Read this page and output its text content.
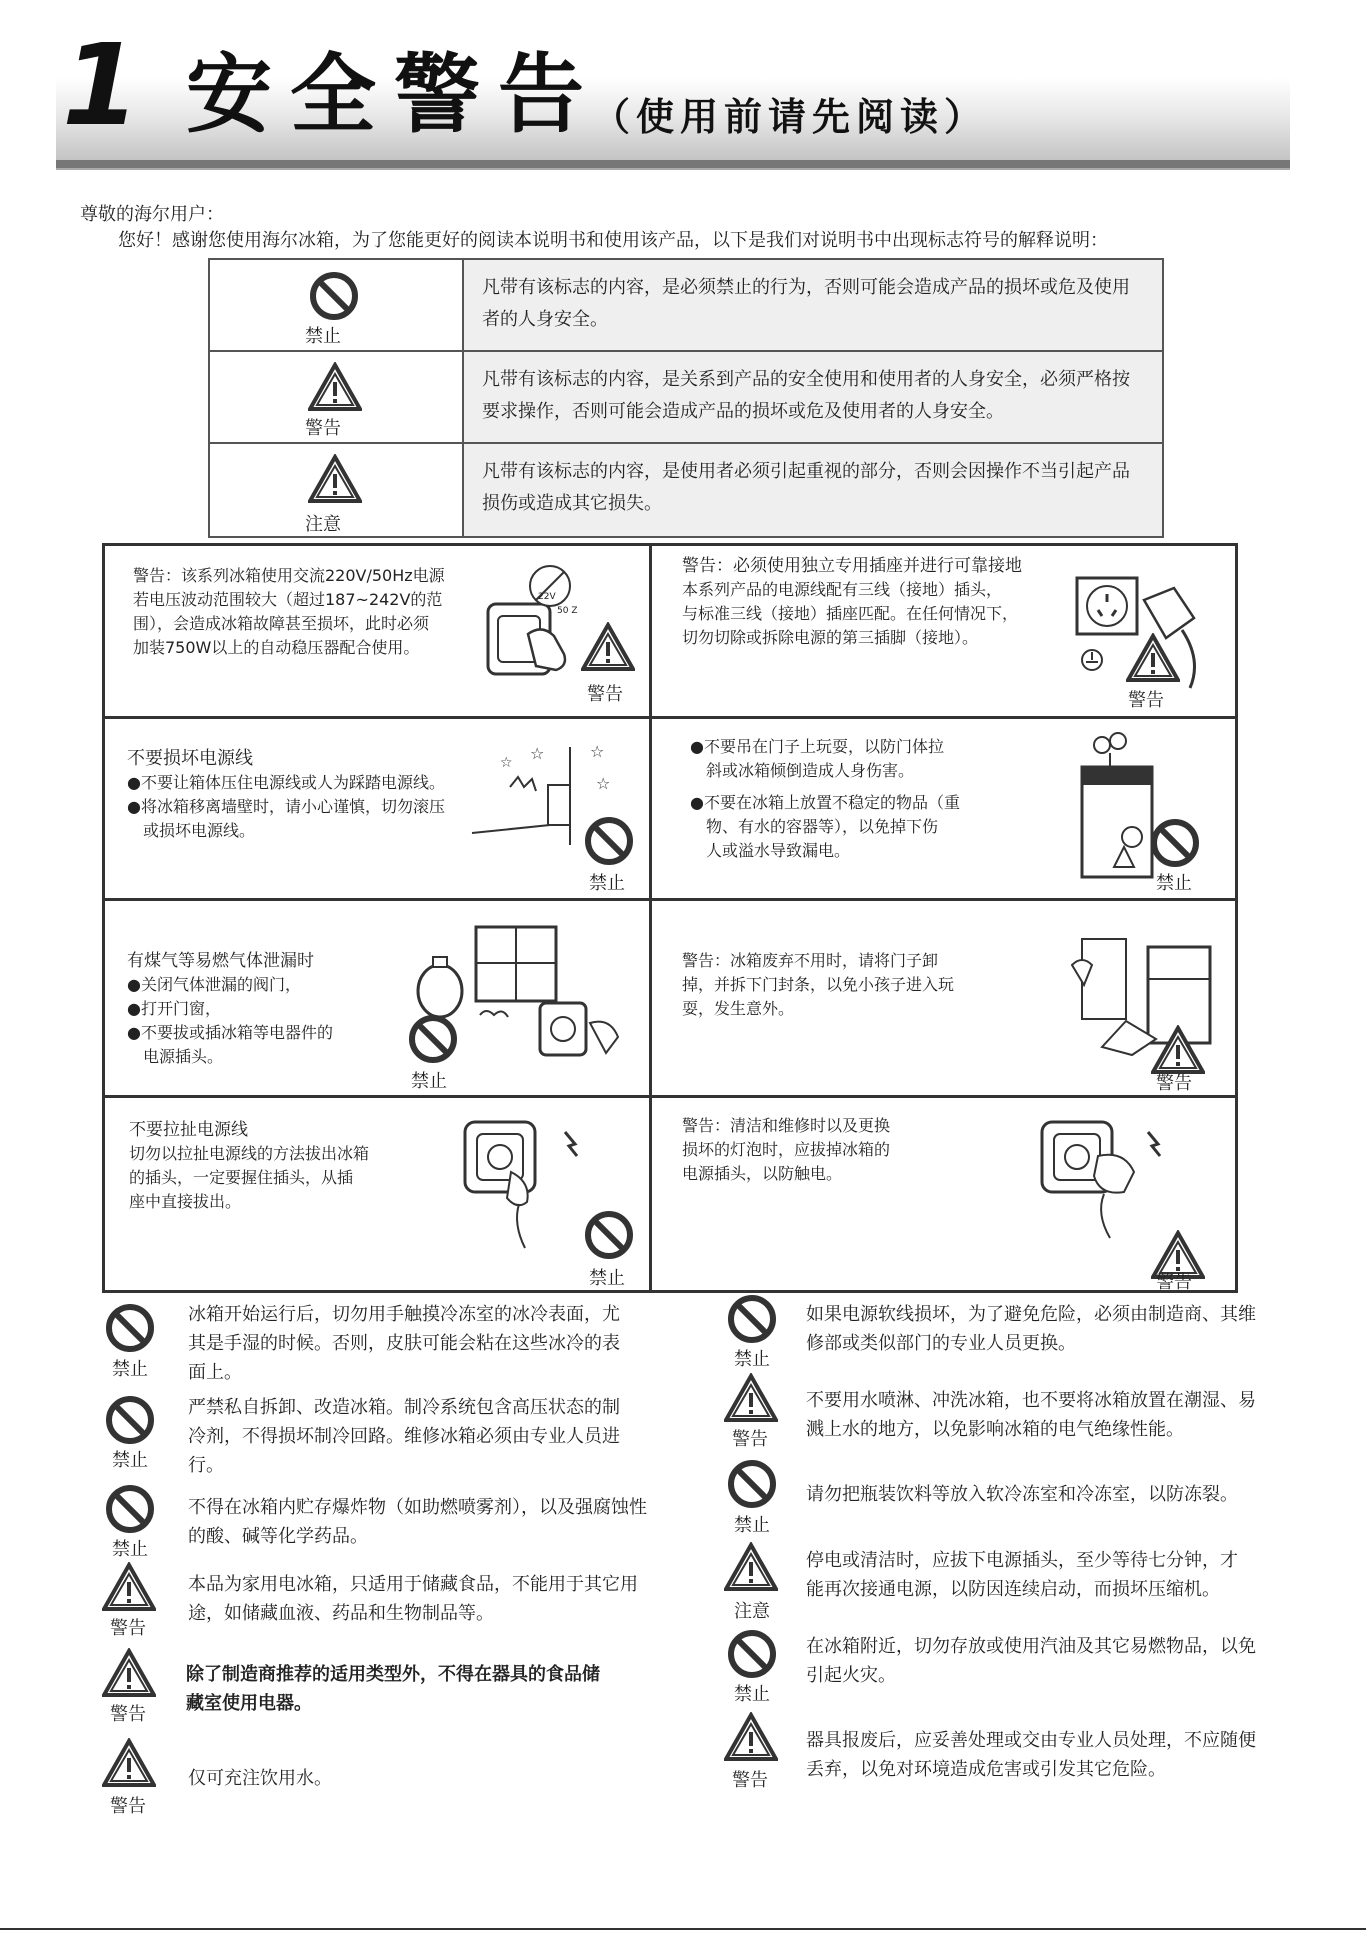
1 安全警告
（使用前请先阅读）
尊敬的海尔用户：
您好！感谢您使用海尔冰箱，为了您能更好的阅读本说明书和使用该产品，以下是我们对说明书中出现标志符号的解释说明：
禁止
凡带有该标志的内容，是必须禁止的行为，否则可能会造成产品的损坏或危及使用者的人身安全。
警告
凡带有该标志的内容，是关系到产品的安全使用和使用者的人身安全，必须严格按要求操作，否则可能会造成产品的损坏或危及使用者的人身安全。
注意
凡带有该标志的内容，是使用者必须引起重视的部分，否则会因操作不当引起产品损伤或造成其它损失。
警告：该系列冰箱使用交流220V/50Hz电源
若电压波动范围较大（超过187~242V的范
围），会造成冰箱故障甚至损坏，此时必须
加装750W以上的自动稳压器配合使用。
22V
50 Z
警告
警告：必须使用独立专用插座并进行可靠接地
本系列产品的电源线配有三线（接地）插头，
与标准三线（接地）插座匹配。在任何情况下，
切勿切除或拆除电源的第三插脚（接地）。
警告
不要损坏电源线
●不要让箱体压住电源线或人为踩踏电源线。
●将冰箱移离墙壁时，请小心谨慎，切勿滚压
　或损坏电源线。
☆	☆
☆
☆
禁止
●不要吊在门子上玩耍，以防门体拉
　斜或冰箱倾倒造成人身伤害。
●不要在冰箱上放置不稳定的物品（重
　物、有水的容器等），以免掉下伤
　人或溢水导致漏电。
禁止
有煤气等易燃气体泄漏时
●关闭气体泄漏的阀门，
●打开门窗，
●不要拔或插冰箱等电器件的
　电源插头。
禁止
警告：冰箱废弃不用时，请将门子卸
掉，并拆下门封条，以免小孩子进入玩
耍，发生意外。
警告
不要拉扯电源线
切勿以拉扯电源线的方法拔出冰箱
的插头，一定要握住插头，从插
座中直接拔出。
禁止
警告：清洁和维修时以及更换
损坏的灯泡时，应拔掉冰箱的
电源插头，以防触电。
警告
禁止
冰箱开始运行后，切勿用手触摸冷冻室的冰冷表面，尤
其是手湿的时候。否则，皮肤可能会粘在这些冰冷的表
面上。
禁止
严禁私自拆卸、改造冰箱。制冷系统包含高压状态的制
冷剂，不得损坏制冷回路。维修冰箱必须由专业人员进
行。
禁止
不得在冰箱内贮存爆炸物（如助燃喷雾剂），以及强腐蚀性
的酸、碱等化学药品。
警告
本品为家用电冰箱，只适用于储藏食品，不能用于其它用
途，如储藏血液、药品和生物制品等。
警告
除了制造商推荐的适用类型外，不得在器具的食品储
藏室使用电器。
警告
仅可充注饮用水。
禁止
如果电源软线损坏，为了避免危险，必须由制造商、其维
修部或类似部门的专业人员更换。
警告
不要用水喷淋、冲洗冰箱，也不要将冰箱放置在潮湿、易
溅上水的地方，以免影响冰箱的电气绝缘性能。
禁止
请勿把瓶装饮料等放入软冷冻室和冷冻室，以防冻裂。
注意
停电或清洁时，应拔下电源插头，至少等待七分钟，才
能再次接通电源，以防因连续启动，而损坏压缩机。
禁止
在冰箱附近，切勿存放或使用汽油及其它易燃物品，以免
引起火灾。
警告
器具报废后，应妥善处理或交由专业人员处理，不应随便
丢弃，以免对环境造成危害或引发其它危险。
